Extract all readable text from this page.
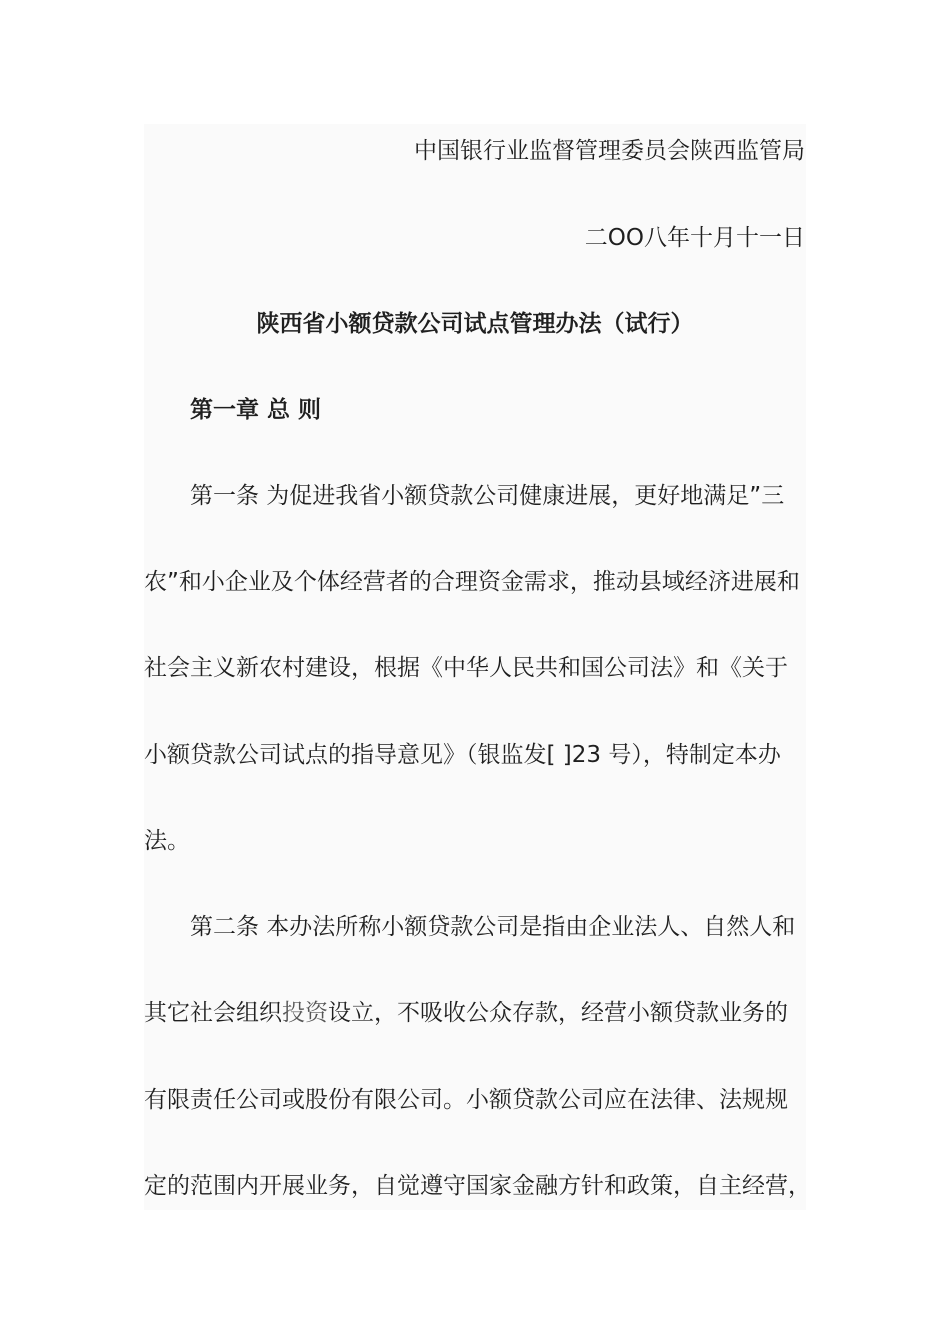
中国银行业监督管理委员会陕西监管局
二OO八年十月十一日
陕西省小额贷款公司试点管理办法（试行）
第一章 总 则
第一条 为促进我省小额贷款公司健康进展，更好地满足”三
农”和小企业及个体经营者的合理资金需求，推动县域经济进展和
社会主义新农村建设，根据《中华人民共和国公司法》和《关于
小额贷款公司试点的指导意见》（银监发[ ]23 号），特制定本办
法。
第二条 本办法所称小额贷款公司是指由企业法人、自然人和
其它社会组织投资设立，不吸收公众存款，经营小额贷款业务的
有限责任公司或股份有限公司。小额贷款公司应在法律、法规规
定的范围内开展业务，自觉遵守国家金融方针和政策，自主经营，
